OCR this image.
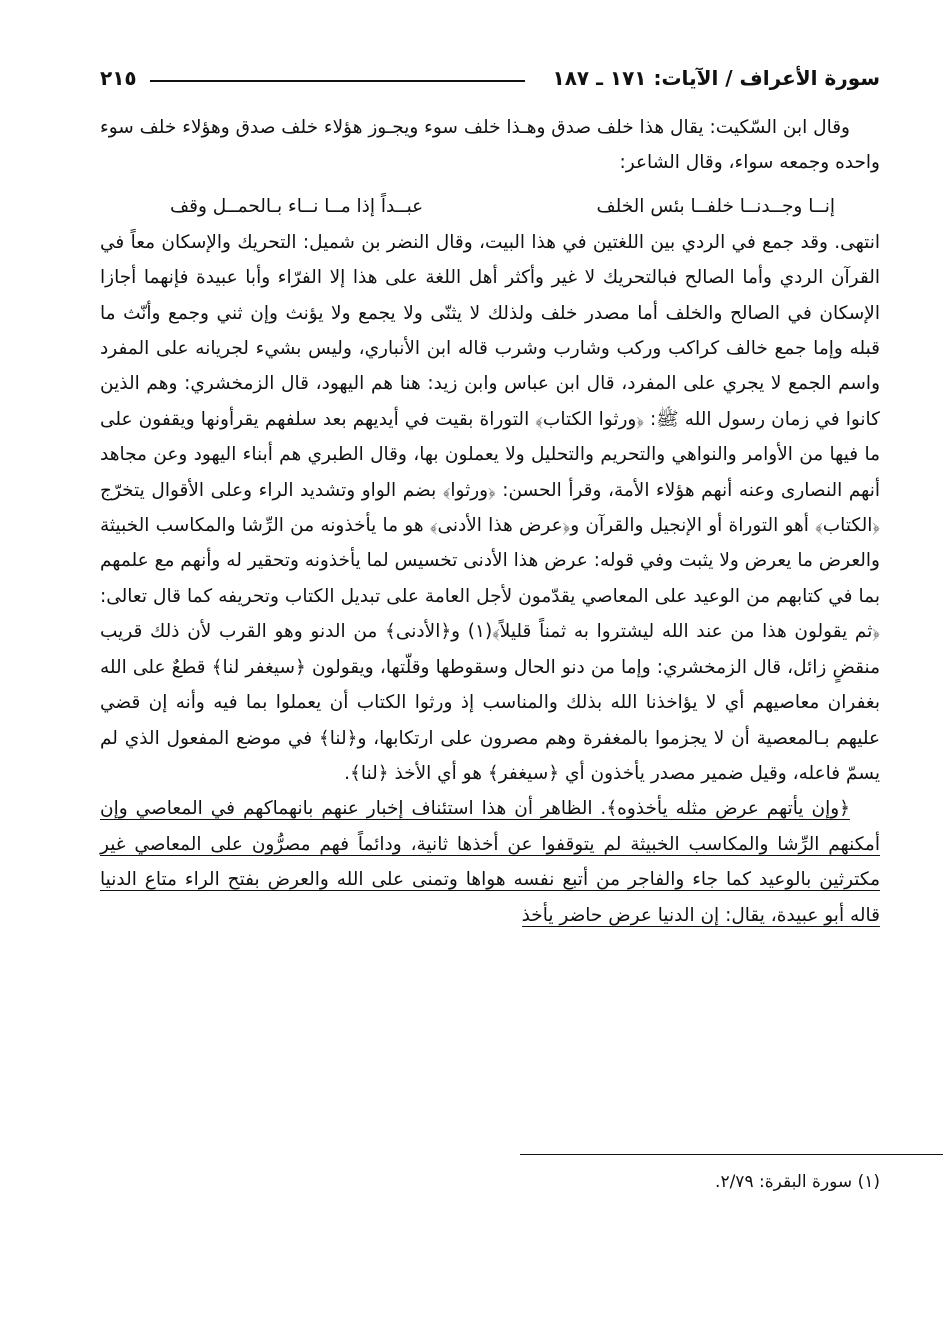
سورة الأعراف / الآيات: ١٧١ ـ ١٨٧
٢١٥

وقال ابن السّكيت: يقال هذا خلف صدق وهـذا خلف سوء ويجـوز هؤلاء خلف صدق وهؤلاء خلف سوء واحده وجمعه سواء، وقال الشاعر:

إنــا وجــدنــا خلفــا بئس الخلف
عبــداً إذا مــا نــاء بـالحمــل وقف

انتهى. وقد جمع في الردي بين اللغتين في هذا البيت، وقال النضر بن شميل: التحريك والإسكان معاً في القرآن الردي وأما الصالح فبالتحريك لا غير وأكثر أهل اللغة على هذا إلا الفرّاء وأبا عبيدة فإنهما أجازا الإسكان في الصالح والخلف أما مصدر خلف ولذلك لا يثنّى ولا يجمع ولا يؤنث وإن ثني وجمع وأنّث ما قبله وإما جمع خالف كراكب وركب وشارب وشرب قاله ابن الأنباري، وليس بشيء لجريانه على المفرد واسم الجمع لا يجري على المفرد، قال ابن عباس وابن زيد: هنا هم اليهود، قال الزمخشري: وهم الذين كانوا في زمان رسول الله ﷺ: ﴿ورثوا الكتاب﴾ التوراة بقيت في أيديهم بعد سلفهم يقرأونها ويقفون على ما فيها من الأوامر والنواهي والتحريم والتحليل ولا يعملون بها، وقال الطبري هم أبناء اليهود وعن مجاهد أنهم النصارى وعنه أنهم هؤلاء الأمة، وقرأ الحسن: ﴿ورثوا﴾ بضم الواو وتشديد الراء وعلى الأقوال يتخرّج ﴿الكتاب﴾ أهو التوراة أو الإنجيل والقرآن و﴿عرض هذا الأدنى﴾ هو ما يأخذونه من الرِّشا والمكاسب الخبيثة والعرض ما يعرض ولا يثبت وفي قوله: عرض هذا الأدنى تخسيس لما يأخذونه وتحقير له وأنهم مع علمهم بما في كتابهم من الوعيد على المعاصي يقدّمون لأجل العامة على تبديل الكتاب وتحريفه كما قال تعالى: ﴿ثم يقولون هذا من عند الله ليشتروا به ثمناً قليلاً﴾(١) و﴿الأدنى﴾ من الدنو وهو القرب لأن ذلك قريب منقضٍ زائل، قال الزمخشري: وإما من دنو الحال وسقوطها وقلّتها، ويقولون ﴿سيغفر لنا﴾ قطعٌ على الله بغفران معاصيهم أي لا يؤاخذنا الله بذلك والمناسب إذ ورثوا الكتاب أن يعملوا بما فيه وأنه إن قضي عليهم بـالمعصية أن لا يجزموا بالمغفرة وهم مصرون على ارتكابها، و﴿لنا﴾ في موضع المفعول الذي لم يسمّ فاعله، وقيل ضمير مصدر يأخذون أي ﴿سيغفر﴾ هو أي الأخذ ﴿لنا﴾.

﴿وإن يأتهم عرض مثله يأخذوه﴾. الظاهر أن هذا استئناف إخبار عنهم بانهماكهم في المعاصي وإن أمكنهم الرِّشا والمكاسب الخبيثة لم يتوقفوا عن أخذها ثانية، ودائماً فهم مصرُّون على المعاصي غير مكترثين بالوعيد كما جاء والفاجر من أتبع نفسه هواها وتمنى على الله والعرض بفتح الراء متاع الدنيا قاله أبو عبيدة، يقال: إن الدنيا عرض حاضر يأخذ

(١) سورة البقرة: ٢/٧٩.
